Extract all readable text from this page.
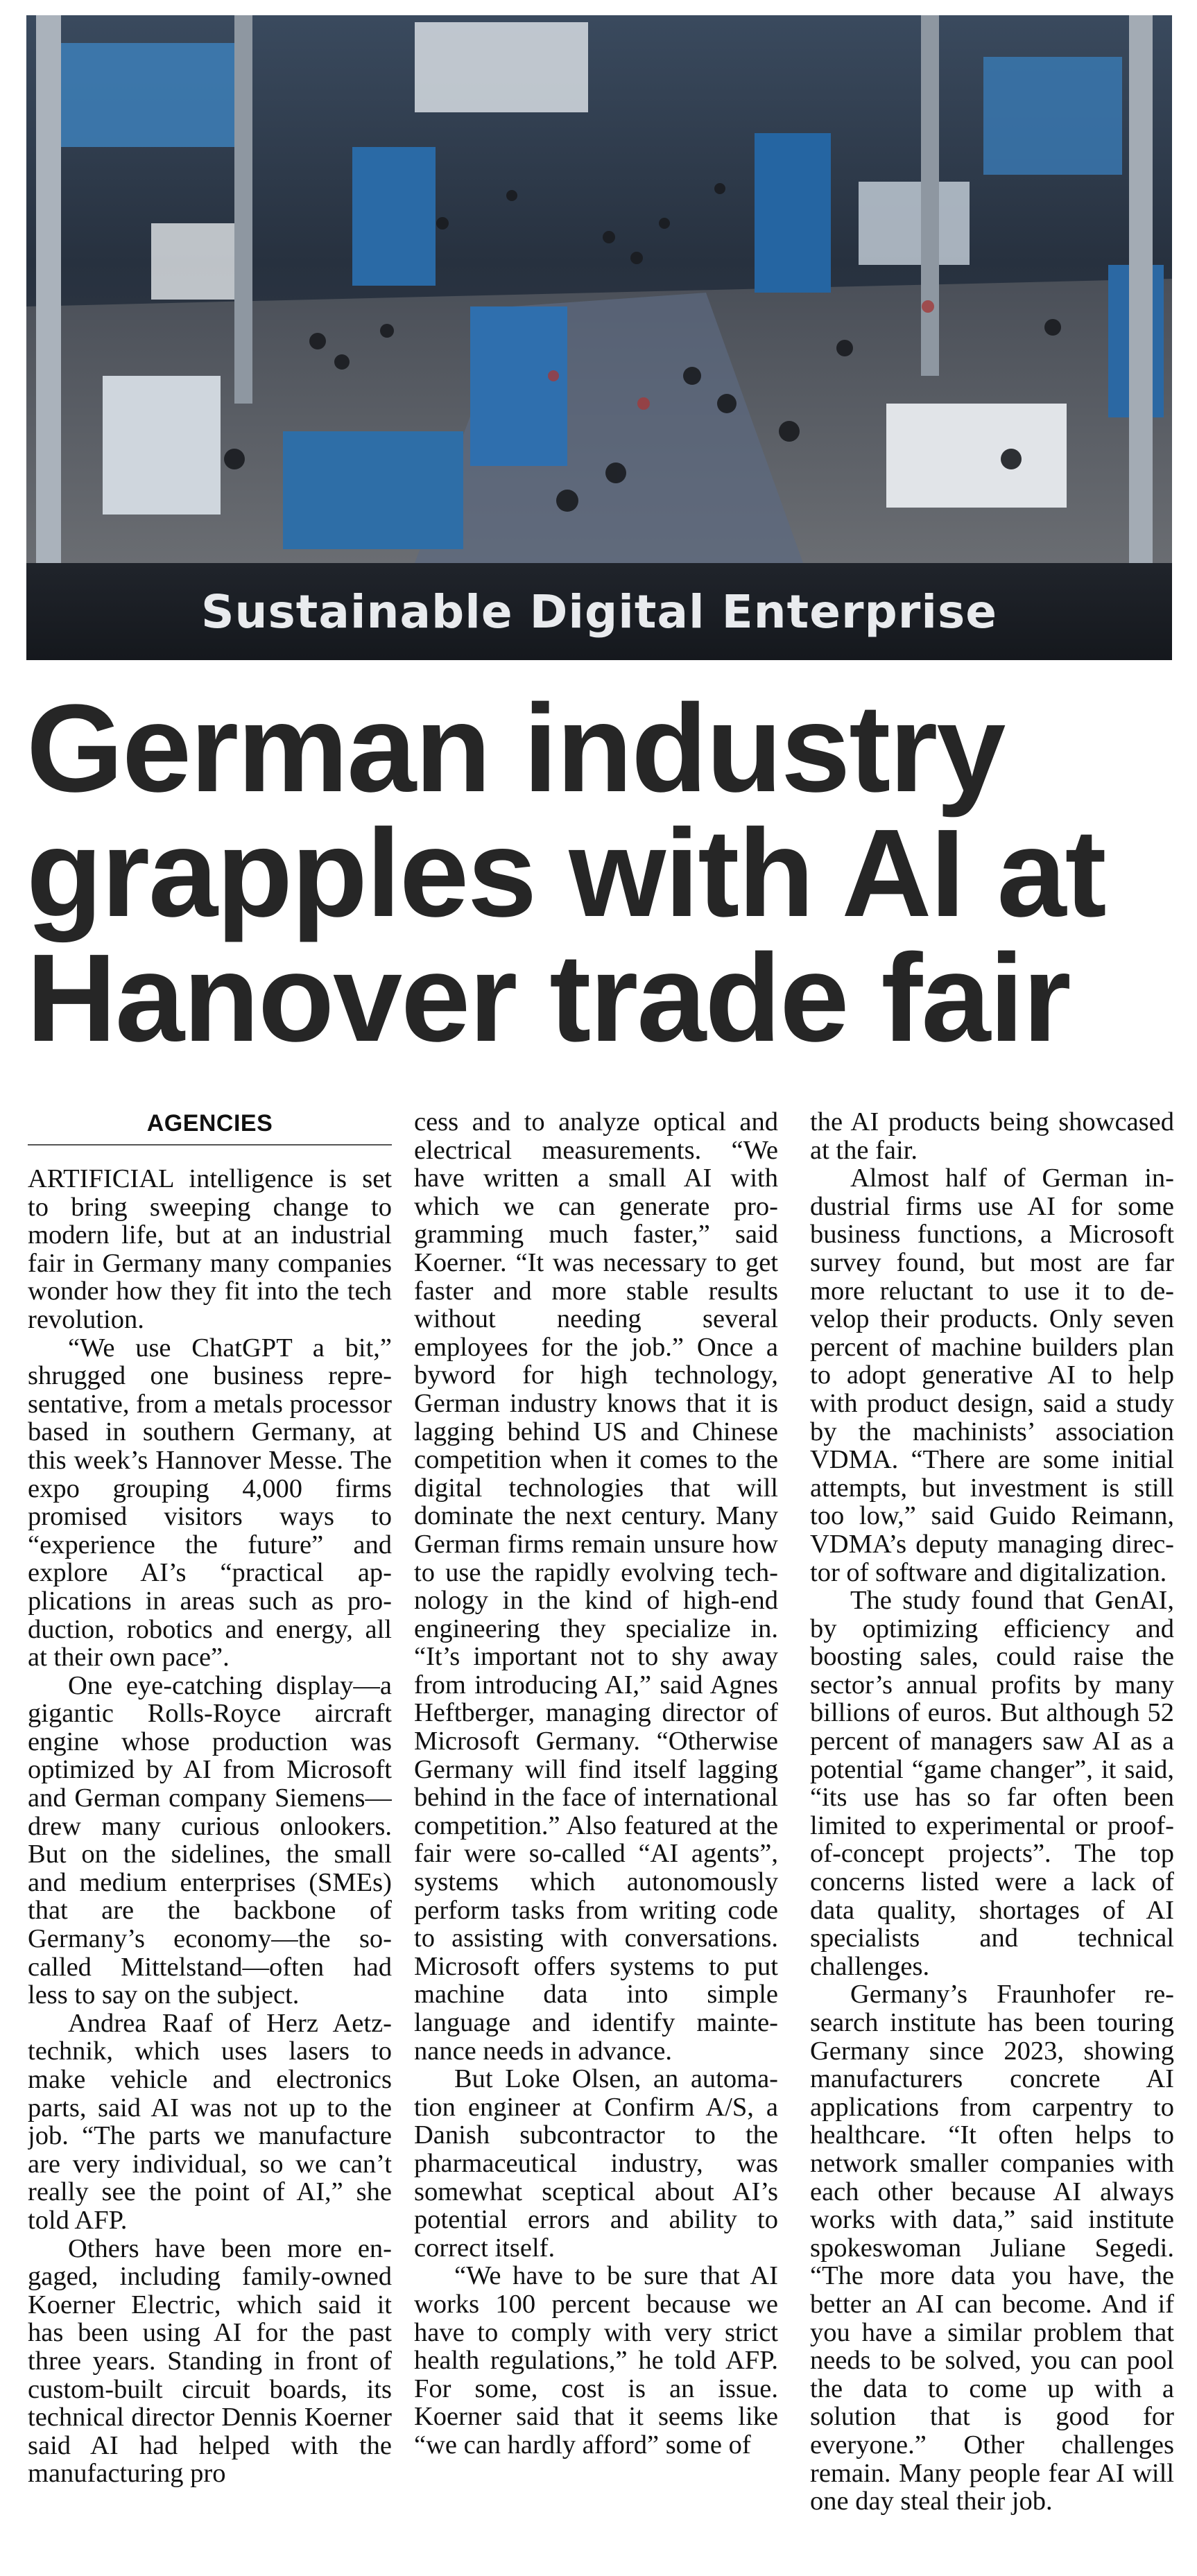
Sustainable Digital Enterprise
German industry grapples with AI at Hanover trade fair
AGENCIES

ARTIFICIAL intelligence is set to bring sweeping change to modern life, but at an industrial fair in Germany many companies wonder how they fit into the tech revolution.

“We use ChatGPT a bit,” shrugged one business representative, from a metals processor based in southern Germany, at this week’s Hannover Messe. The expo grouping 4,000 firms promised visitors ways to “experience the future” and explore AI’s “practical applications in areas such as production, robotics and energy, all at their own pace”.

One eye-catching display—a gigantic Rolls-Royce aircraft engine whose production was optimized by AI from Microsoft and German company Siemens—drew many curious onlookers. But on the sidelines, the small and medium enterprises (SMEs) that are the backbone of Germany’s economy—the so-called Mittelstand—often had less to say on the subject.

Andrea Raaf of Herz Aetztechnik, which uses lasers to make vehicle and electronics parts, said AI was not up to the job. “The parts we manufacture are very individual, so we can’t really see the point of AI,” she told AFP.

Others have been more engaged, including family-owned Koerner Electric, which said it has been using AI for the past three years. Standing in front of custom-built circuit boards, its technical director Dennis Koerner said AI had helped with the manufacturing pro

cess and to analyze optical and electrical measurements. “We have written a small AI with which we can generate programming much faster,” said Koerner. “It was necessary to get faster and more stable results without needing several employees for the job.” Once a byword for high technology, German industry knows that it is lagging behind US and Chinese competition when it comes to the digital technologies that will dominate the next century. Many German firms remain unsure how to use the rapidly evolving technology in the kind of high-end engineering they specialize in. “It’s important not to shy away from introducing AI,” said Agnes Heftberger, managing director of Microsoft Germany. “Otherwise Germany will find itself lagging behind in the face of international competition.” Also featured at the fair were so-called “AI agents”, systems which autonomously perform tasks from writing code to assisting with conversations. Microsoft offers systems to put machine data into simple language and identify maintenance needs in advance.

But Loke Olsen, an automation engineer at Confirm A/S, a Danish subcontractor to the pharmaceutical industry, was somewhat sceptical about AI’s potential errors and ability to correct itself.

“We have to be sure that AI works 100 percent because we have to comply with very strict health regulations,” he told AFP. For some, cost is an issue. Koerner said that it seems like “we can hardly afford” some of

the AI products being showcased at the fair.

Almost half of German industrial firms use AI for some business functions, a Microsoft survey found, but most are far more reluctant to use it to develop their products. Only seven percent of machine builders plan to adopt generative AI to help with product design, said a study by the machinists’ association VDMA. “There are some initial attempts, but investment is still too low,” said Guido Reimann, VDMA’s deputy managing director of software and digitalization.

The study found that GenAI, by optimizing efficiency and boosting sales, could raise the sector’s annual profits by many billions of euros. But although 52 percent of managers saw AI as a potential “game changer”, it said, “its use has so far often been limited to experimental or proof-of-concept projects”. The top concerns listed were a lack of data quality, shortages of AI specialists and technical challenges.

Germany’s Fraunhofer research institute has been touring Germany since 2023, showing manufacturers concrete AI applications from carpentry to healthcare. “It often helps to network smaller companies with each other because AI always works with data,” said institute spokeswoman Juliane Segedi. “The more data you have, the better an AI can become. And if you have a similar problem that needs to be solved, you can pool the data to come up with a solution that is good for everyone.” Other challenges remain. Many people fear AI will one day steal their job.
